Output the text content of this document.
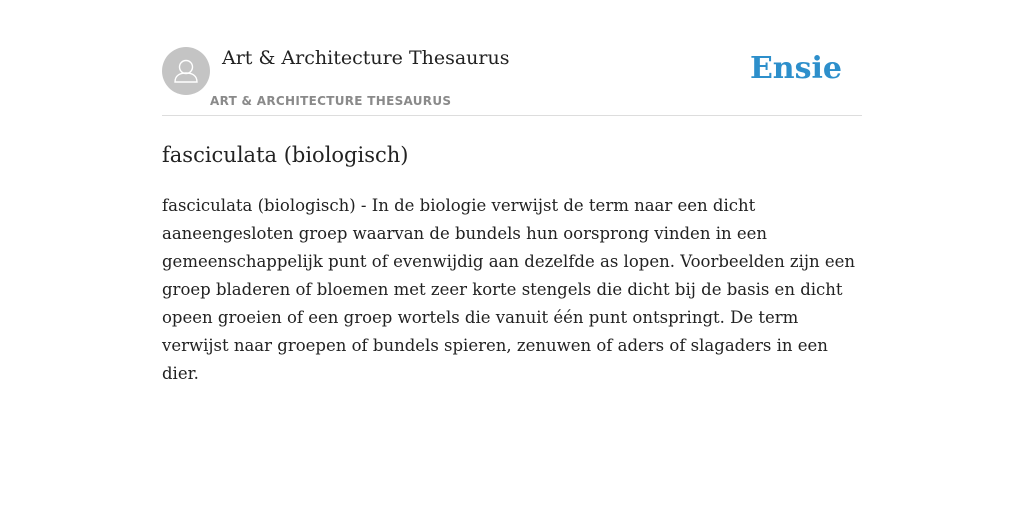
Art & Architecture Thesaurus
ART & ARCHITECTURE THESAURUS
Ensie
fasciculata (biologisch)

fasciculata (biologisch) - In de biologie verwijst de term naar een dicht aaneengesloten groep waarvan de bundels hun oorsprong vinden in een gemeenschappelijk punt of evenwijdig aan dezelfde as lopen. Voorbeelden zijn een groep bladeren of bloemen met zeer korte stengels die dicht bij de basis en dicht opeen groeien of een groep wortels die vanuit één punt ontspringt. De term verwijst naar groepen of bundels spieren, zenuwen of aders of slagaders in een dier.
